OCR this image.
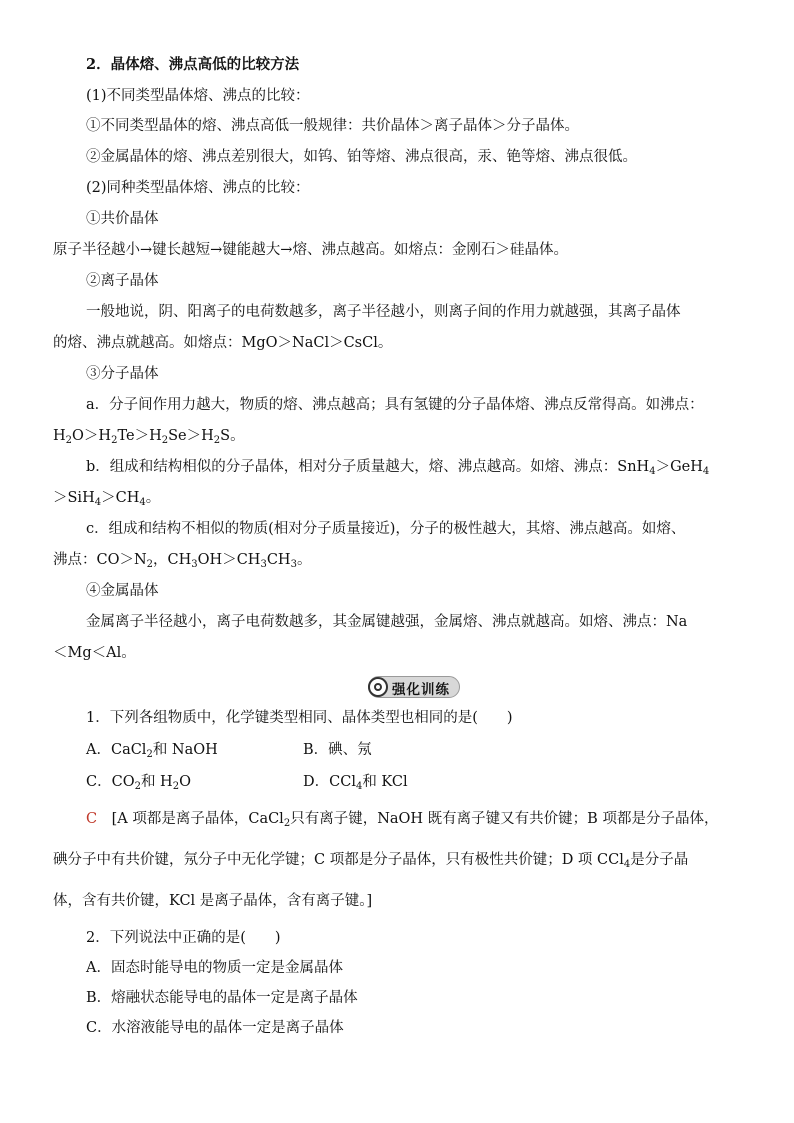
2．晶体熔、沸点高低的比较方法
(1)不同类型晶体熔、沸点的比较：
①不同类型晶体的熔、沸点高低一般规律：共价晶体＞离子晶体＞分子晶体。
②金属晶体的熔、沸点差别很大，如钨、铂等熔、沸点很高，汞、铯等熔、沸点很低。
(2)同种类型晶体熔、沸点的比较：
①共价晶体
原子半径越小→键长越短→键能越大→熔、沸点越高。如熔点：金刚石＞硅晶体。
②离子晶体
一般地说，阴、阳离子的电荷数越多，离子半径越小，则离子间的作用力就越强，其离子晶体
的熔、沸点就越高。如熔点：MgO＞NaCl＞CsCl。
③分子晶体
a．分子间作用力越大，物质的熔、沸点越高；具有氢键的分子晶体熔、沸点反常得高。如沸点：
$H_2O>H_2Te>H_2Se>H_2S$。
b．组成和结构相似的分子晶体，相对分子质量越大，熔、沸点越高。如熔、沸点：SnH$_4$＞GeH$_4$
$>SiH_4>CH_4$。
c．组成和结构不相似的物质(相对分子质量接近)，分子的极性越大，其熔、沸点越高。如熔、
沸点：$CO>N_2$，$CH_3OH>CH_3CH_3$。
④金属晶体
金属离子半径越小，离子电荷数越多，其金属键越强，金属熔、沸点就越高。如熔、沸点：Na
＜Mg＜Al。
强化训练
1．下列各组物质中，化学键类型相同、晶体类型也相同的是(　　)
A．CaCl$_2$和 NaOH	B．碘、氖
C．$CO_2$和 $H_2O$	D．CCl$_4$和 KCl
C　 [A 项都是离子晶体，CaCl$_2$只有离子键，NaOH 既有离子键又有共价键；B 项都是分子晶体，
碘分子中有共价键，氖分子中无化学键；C 项都是分子晶体，只有极性共价键；D 项 CCl$_4$是分子晶
体，含有共价键，KCl 是离子晶体，含有离子键。]
2．下列说法中正确的是(　　)
A．固态时能导电的物质一定是金属晶体
B．熔融状态能导电的晶体一定是离子晶体
C．水溶液能导电的晶体一定是离子晶体
